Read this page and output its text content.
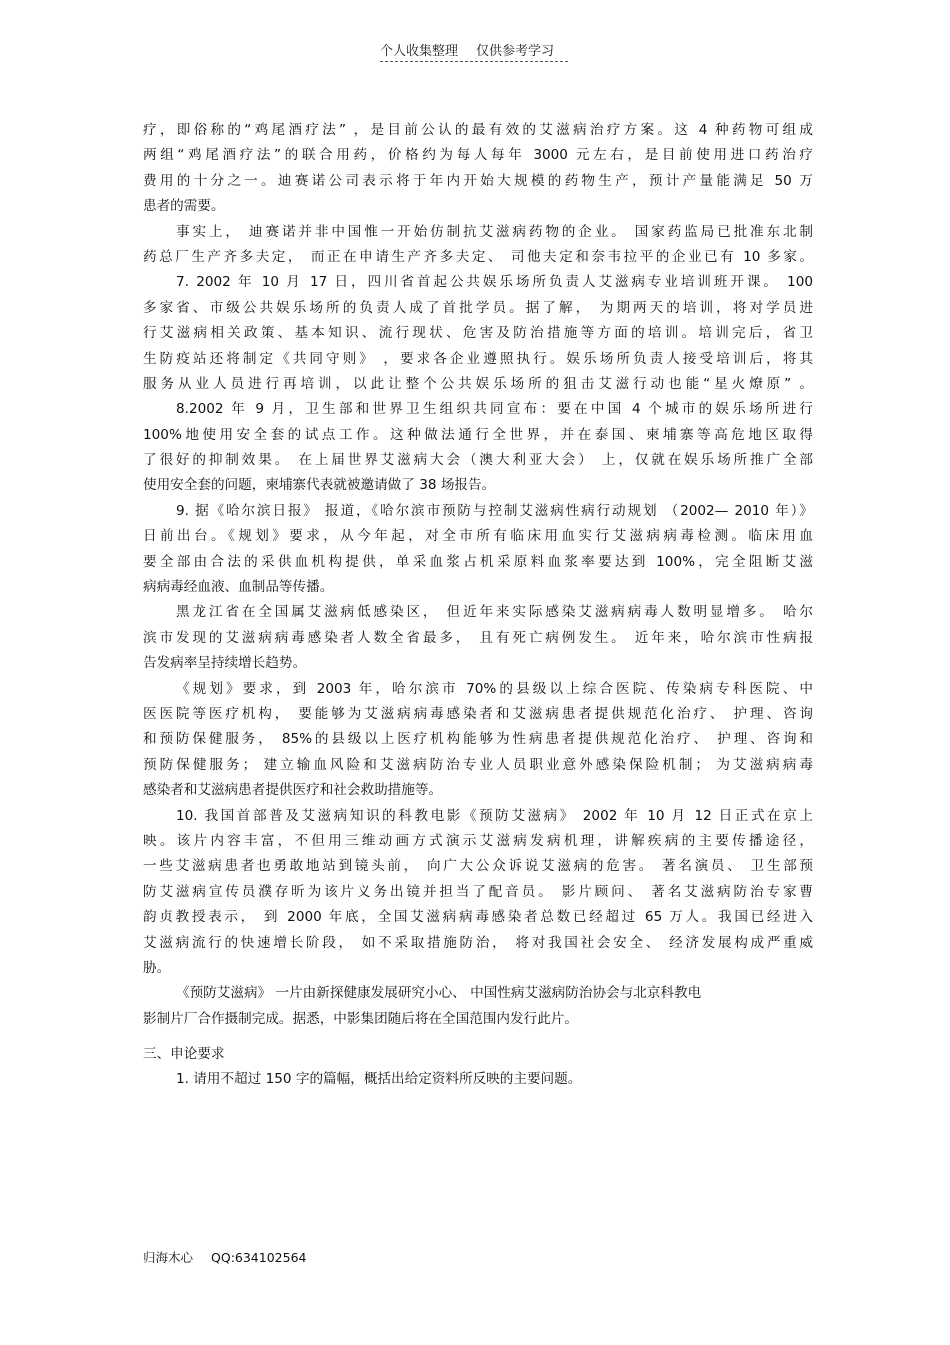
个人收集整理 仅供参考学习
疗，即俗称的“鸡尾酒疗法” ，是目前公认的最有效的艾滋病治疗方案。这 4 种药物可组成
两组“鸡尾酒疗法”的联合用药，价格约为每人每年 3000 元左右，是目前使用进口药治疗
费用的十分之一。迪赛诺公司表示将于年内开始大规模的药物生产，预计产量能满足 50 万
患者的需要。
事实上， 迪赛诺并非中国惟一开始仿制抗艾滋病药物的企业。 国家药监局已批准东北制
药总厂生产齐多夫定， 而正在申请生产齐多夫定、 司他夫定和奈韦拉平的企业已有 10 多家。
7. 2002 年 10 月 17 日，四川省首起公共娱乐场所负责人艾滋病专业培训班开课。 100
多家省、市级公共娱乐场所的负责人成了首批学员。据了解， 为期两天的培训，将对学员进
行艾滋病相关政策、基本知识、流行现状、危害及防治措施等方面的培训。培训完后，省卫
生防疫站还将制定《共同守则》 ，要求各企业遵照执行。娱乐场所负责人接受培训后，将其
服务从业人员进行再培训，以此让整个公共娱乐场所的狙击艾滋行动也能“星火燎原” 。
8.2002 年 9 月，卫生部和世界卫生组织共同宣布：要在中国 4 个城市的娱乐场所进行
100%地使用安全套的试点工作。这种做法通行全世界，并在泰国、柬埔寨等高危地区取得
了很好的抑制效果。 在上届世界艾滋病大会（澳大利亚大会） 上，仅就在娱乐场所推广全部
使用安全套的问题，柬埔寨代表就被邀请做了 38 场报告。
9. 据《哈尔滨日报》 报道，《哈尔滨市预防与控制艾滋病性病行动规划 （2002— 2010 年）》
日前出台。《规划》要求，从今年起，对全市所有临床用血实行艾滋病病毒检测。临床用血
要全部由合法的采供血机构提供，单采血浆占机采原料血浆率要达到 100%，完全阻断艾滋
病病毒经血液、血制品等传播。
黑龙江省在全国属艾滋病低感染区， 但近年来实际感染艾滋病病毒人数明显增多。 哈尔
滨市发现的艾滋病病毒感染者人数全省最多， 且有死亡病例发生。 近年来，哈尔滨市性病报
告发病率呈持续增长趋势。
《规划》要求，到 2003 年，哈尔滨市 70%的县级以上综合医院、传染病专科医院、中
医医院等医疗机构， 要能够为艾滋病病毒感染者和艾滋病患者提供规范化治疗、 护理、咨询
和预防保健服务， 85%的县级以上医疗机构能够为性病患者提供规范化治疗、 护理、咨询和
预防保健服务； 建立输血风险和艾滋病防治专业人员职业意外感染保险机制； 为艾滋病病毒
感染者和艾滋病患者提供医疗和社会救助措施等。
10. 我国首部普及艾滋病知识的科教电影《预防艾滋病》 2002 年 10 月 12 日正式在京上
映。该片内容丰富，不但用三维动画方式演示艾滋病发病机理，讲解疾病的主要传播途径，
一些艾滋病患者也勇敢地站到镜头前， 向广大公众诉说艾滋病的危害。 著名演员、 卫生部预
防艾滋病宣传员濮存昕为该片义务出镜并担当了配音员。 影片顾问、 著名艾滋病防治专家曹
韵贞教授表示， 到 2000 年底，全国艾滋病病毒感染者总数已经超过 65 万人。我国已经进入
艾滋病流行的快速增长阶段， 如不采取措施防治， 将对我国社会安全、 经济发展构成严重威
胁。
《预防艾滋病》 一片由新探健康发展研究小心、 中国性病艾滋病防治协会与北京科教电
影制片厂合作摄制完成。据悉，中影集团随后将在全国范围内发行此片。
三、申论要求
1. 请用不超过 150 字的篇幅，概括出给定资料所反映的主要问题。
归海木心 QQ:634102564
